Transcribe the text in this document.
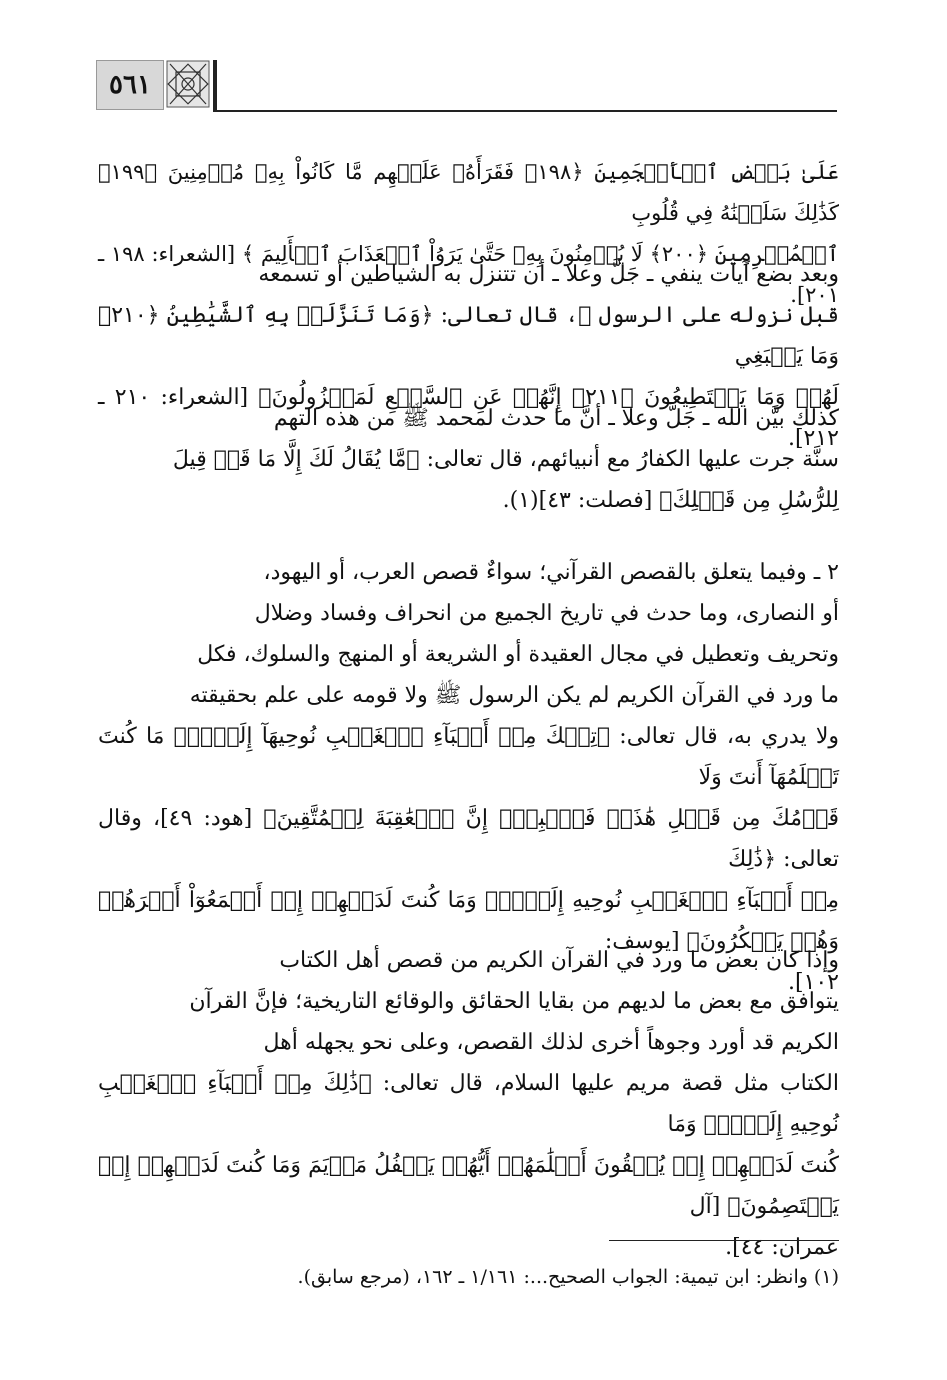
٥٦١

عَلَىٰ بَعۡضِ ٱلۡأَعۡجَمِينَ ﴿١٩٨﴾ فَقَرَأَهُۥ عَلَيۡهِم مَّا كَانُواْ بِهِۦ مُؤۡمِنِينَ ﴿١٩٩﴾ كَذَٰلِكَ سَلَكۡنَٰهُ فِي قُلُوبِ

ٱلۡمُجۡرِمِينَ ﴿٢٠٠﴾ لَا يُؤۡمِنُونَ بِهِۦ حَتَّىٰ يَرَوُاْ ٱلۡعَذَابَ ٱلۡأَلِيمَ ﴾ [الشعراء: ١٩٨ ـ ٢٠١].

وبعد بضع آيات ينفي ـ جَلَّ وعلا ـ أن تتنزل به الشياطين أو تسمعه

قبل نزوله على الرسول ﷺ، قال تعالى: ﴿وَمَا تَنَزَّلَتۡ بِهِ ٱلشَّيَٰطِينُ ﴿٢١٠﴾ وَمَا يَنۢبَغِي

لَهُمۡ وَمَا يَسۡتَطِيعُونَ ﴿٢١١﴾ إِنَّهُمۡ عَنِ ٱلسَّمۡعِ لَمَعۡزُولُونَ﴾ [الشعراء: ٢١٠ ـ ٢١٢].

كذلك بيَّن الله ـ جَلَّ وعلا ـ أنَّ ما حدث لمحمد ﷺ من هذه التهم

سنَّة جرت عليها الكفارُ مع أنبيائهم، قال تعالى: ﴿مَّا يُقَالُ لَكَ إِلَّا مَا قَدۡ قِيلَ

لِلرُّسُلِ مِن قَبۡلِكَ﴾ [فصلت: ٤٣](١).

٢ ـ وفيما يتعلق بالقصص القرآني؛ سواءٌ قصص العرب، أو اليهود،

أو النصارى، وما حدث في تاريخ الجميع من انحراف وفساد وضلال

وتحريف وتعطيل في مجال العقيدة أو الشريعة أو المنهج والسلوك، فكل

ما ورد في القرآن الكريم لم يكن الرسول ﷺ ولا قومه على علم بحقيقته

ولا يدري به، قال تعالى: ﴿تِلۡكَ مِنۡ أَنۢبَآءِ ٱلۡغَيۡبِ نُوحِيهَآ إِلَيۡكَۖ مَا كُنتَ تَعۡلَمُهَآ أَنتَ وَلَا

قَوۡمُكَ مِن قَبۡلِ هَٰذَاۖ فَٱصۡبِرۡۖ إِنَّ ٱلۡعَٰقِبَةَ لِلۡمُتَّقِينَ﴾ [هود: ٤٩]، وقال تعالى: ﴿ذَٰلِكَ

مِنۡ أَنۢبَآءِ ٱلۡغَيۡبِ نُوحِيهِ إِلَيۡكَۖ وَمَا كُنتَ لَدَيۡهِمۡ إِذۡ أَجۡمَعُوٓاْ أَمۡرَهُمۡ وَهُمۡ يَمۡكُرُونَ﴾ [يوسف:

١٠٢].

وإذا كان بعض ما ورد في القرآن الكريم من قصص أهل الكتاب

يتوافق مع بعض ما لديهم من بقايا الحقائق والوقائع التاريخية؛ فإنَّ القرآن

الكريم قد أورد وجوهاً أخرى لذلك القصص، وعلى نحو يجهله أهل

الكتاب مثل قصة مريم عليها السلام، قال تعالى: ﴿ذَٰلِكَ مِنۡ أَنۢبَآءِ ٱلۡغَيۡبِ نُوحِيهِ إِلَيۡكَۚ وَمَا

كُنتَ لَدَيۡهِمۡ إِذۡ يُلۡقُونَ أَقۡلَٰمَهُمۡ أَيُّهُمۡ يَكۡفُلُ مَرۡيَمَ وَمَا كُنتَ لَدَيۡهِمۡ إِذۡ يَخۡتَصِمُونَ﴾ [آل

عمران: ٤٤].

(١) وانظر: ابن تيمية: الجواب الصحيح...: ١/١٦١ ـ ١٦٢، (مرجع سابق).
